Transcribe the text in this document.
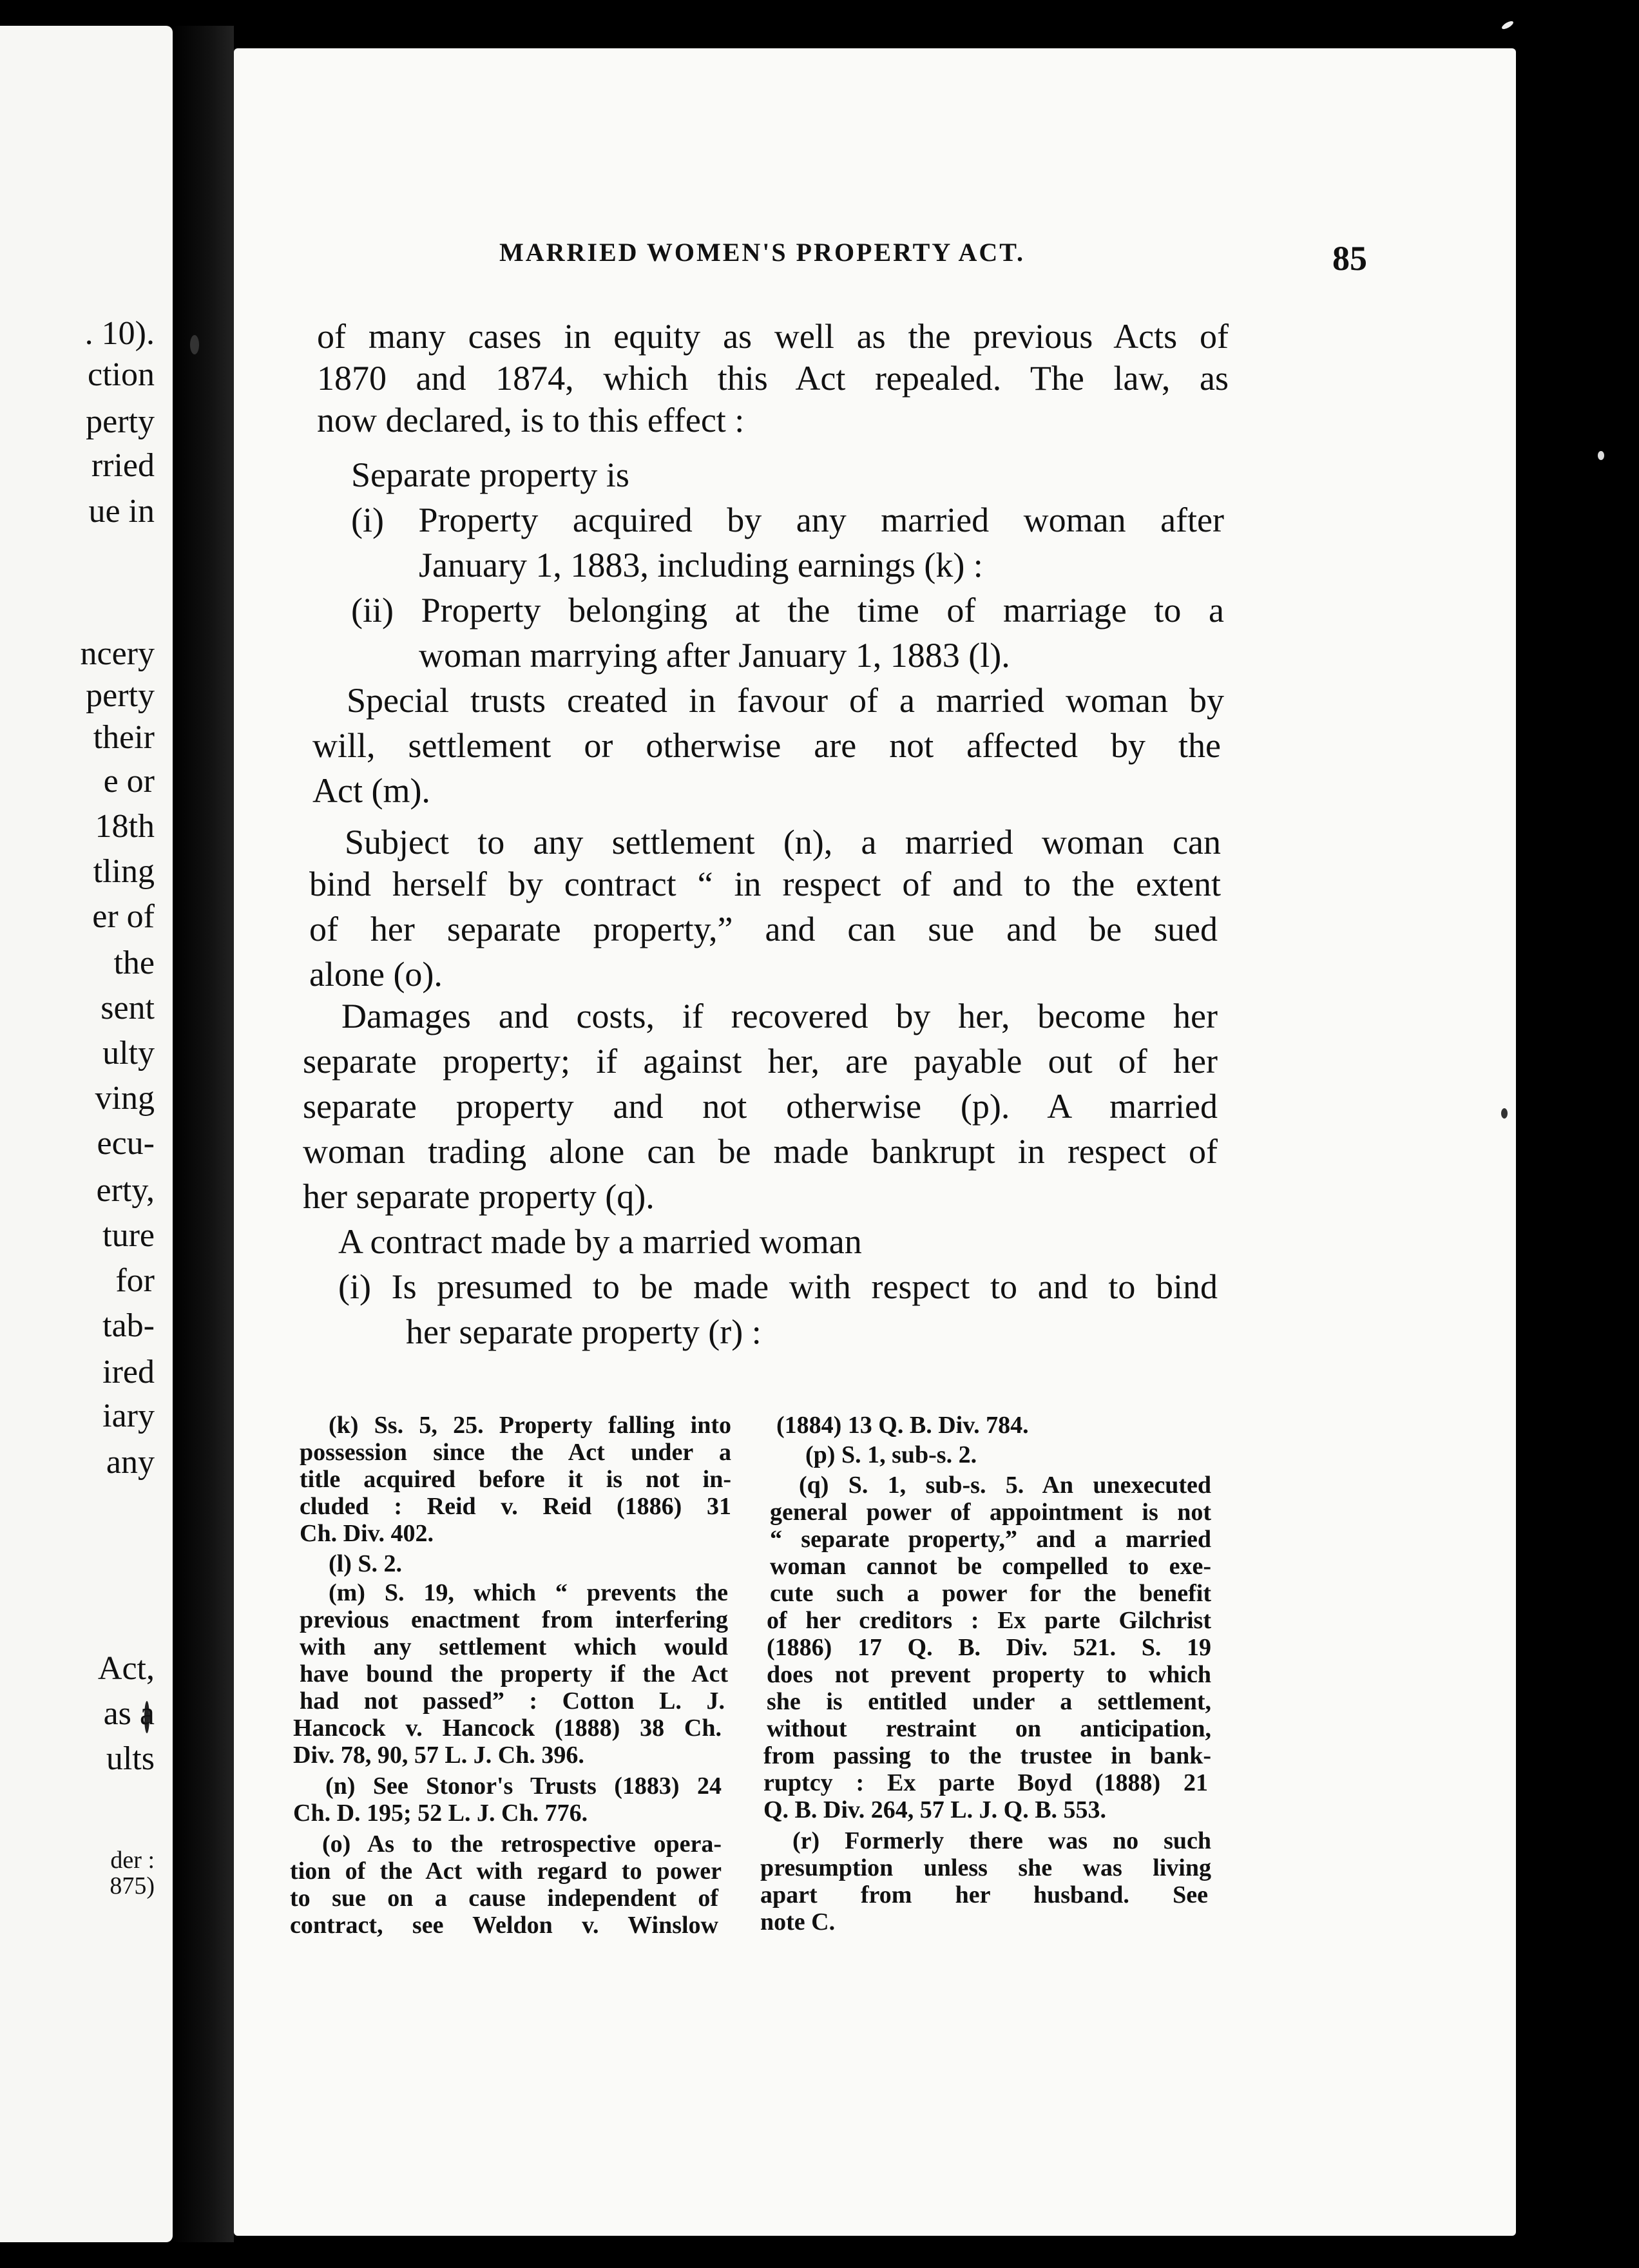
. 10).
ction
perty
rried
ue in
ncery
perty
their
e or
18th
tling
er of
the
sent
ulty
ving
ecu-
erty,
ture
for
tab-
ired
iary
any
Act,
as a
ults
der :
875)
MARRIED WOMEN'S PROPERTY ACT.	85
of many cases in equity as well as the previous Acts of
1870 and 1874, which this Act repealed. The law, as
now declared, is to this effect :
Separate property is
(i) Property acquired by any married woman after
January 1, 1883, including earnings (k) :
(ii) Property belonging at the time of marriage to a
woman marrying after January 1, 1883 (l).
Special trusts created in favour of a married woman by
will, settlement or otherwise are not affected by the
Act (m).
Subject to any settlement (n), a married woman can
bind herself by contract “ in respect of and to the extent
of her separate property,” and can sue and be sued
alone (o).
Damages and costs, if recovered by her, become her
separate property; if against her, are payable out of her
separate property and not otherwise (p). A married
woman trading alone can be made bankrupt in respect of
her separate property (q).
A contract made by a married woman
(i) Is presumed to be made with respect to and to bind
her separate property (r) :
(k) Ss. 5, 25. Property falling into
possession since the Act under a
title acquired before it is not in-
cluded : Reid v. Reid (1886) 31
Ch. Div. 402.
(l) S. 2.
(m) S. 19, which “ prevents the
previous enactment from interfering
with any settlement which would
have bound the property if the Act
had not passed” : Cotton L. J.
Hancock v. Hancock (1888) 38 Ch.
Div. 78, 90, 57 L. J. Ch. 396.
(n) See Stonor's Trusts (1883) 24
Ch. D. 195; 52 L. J. Ch. 776.
(o) As to the retrospective opera-
tion of the Act with regard to power
to sue on a cause independent of
contract, see Weldon v. Winslow
(1884) 13 Q. B. Div. 784.
(p) S. 1, sub-s. 2.
(q) S. 1, sub-s. 5. An unexecuted
general power of appointment is not
“ separate property,” and a married
woman cannot be compelled to exe-
cute such a power for the benefit
of her creditors : Ex parte Gilchrist
(1886) 17 Q. B. Div. 521. S. 19
does not prevent property to which
she is entitled under a settlement,
without restraint on anticipation,
from passing to the trustee in bank-
ruptcy : Ex parte Boyd (1888) 21
Q. B. Div. 264, 57 L. J. Q. B. 553.
(r) Formerly there was no such
presumption unless she was living
apart from her husband. See
note C.
